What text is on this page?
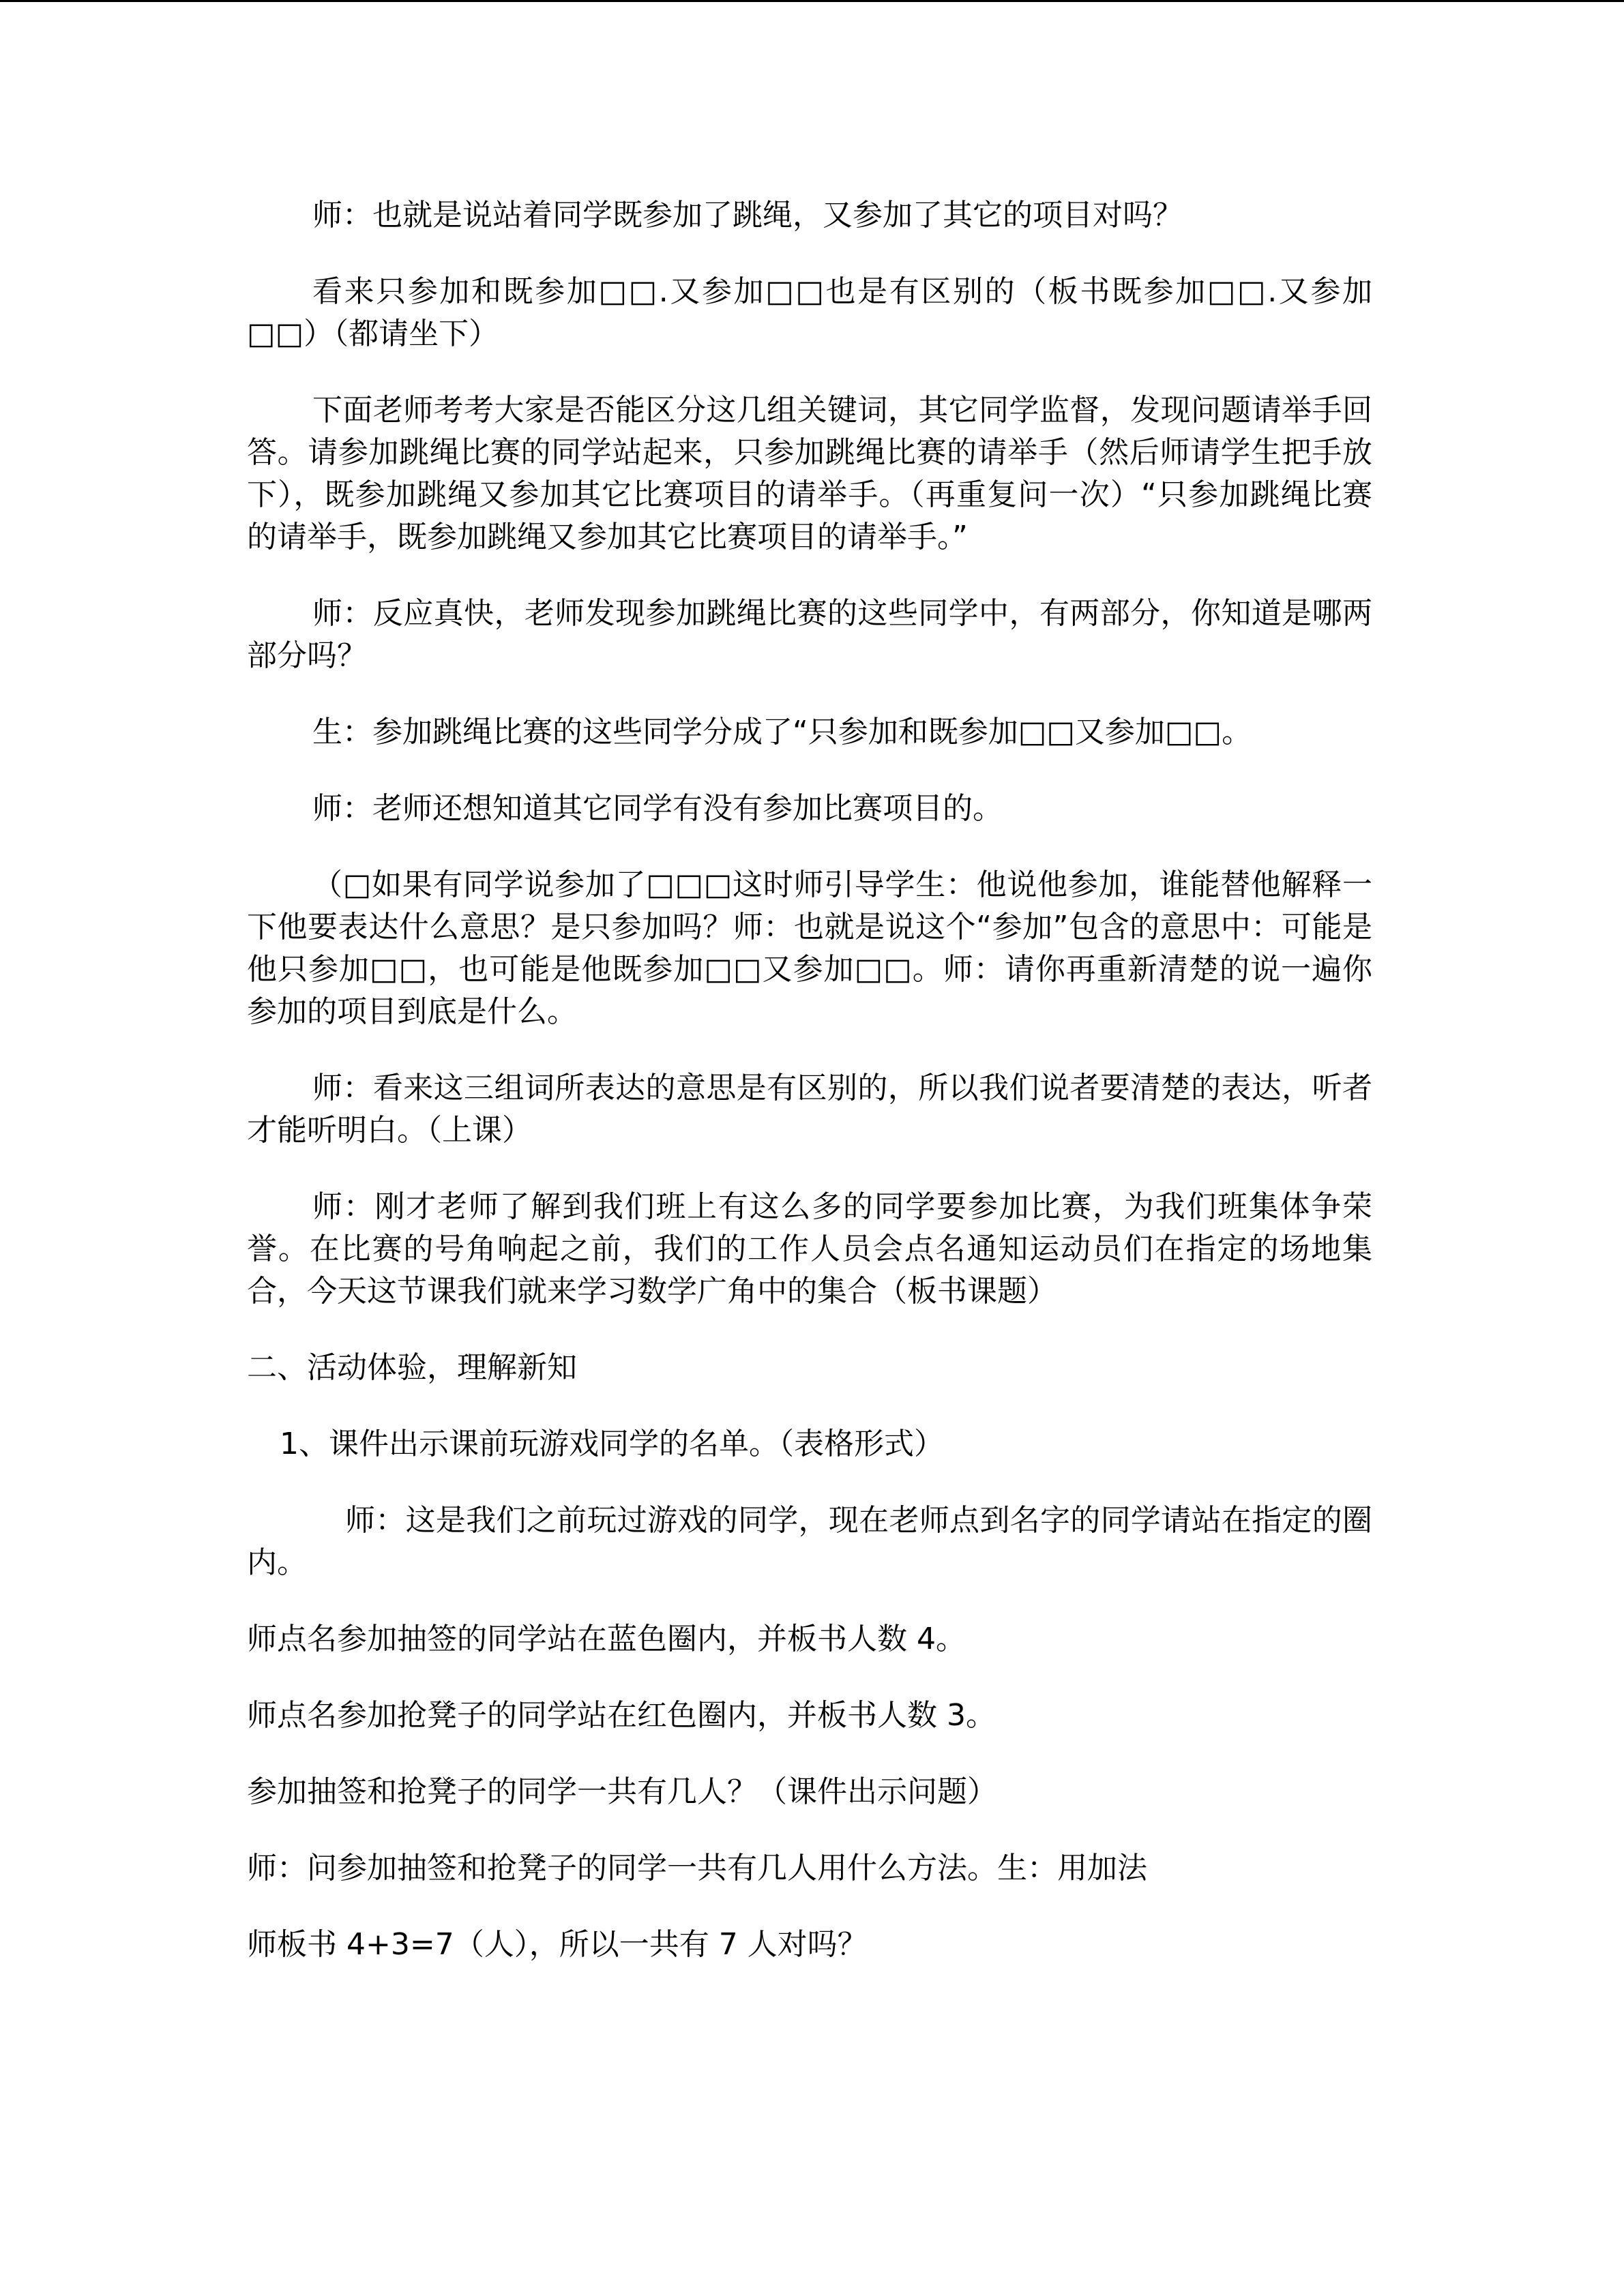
师：也就是说站着同学既参加了跳绳，又参加了其它的项目对吗？

看来只参加和既参加□□.又参加□□也是有区别的（板书既参加□□.又参加□□）（都请坐下）

下面老师考考大家是否能区分这几组关键词，其它同学监督，发现问题请举手回答。请参加跳绳比赛的同学站起来，只参加跳绳比赛的请举手（然后师请学生把手放下），既参加跳绳又参加其它比赛项目的请举手。（再重复问一次）“只参加跳绳比赛的请举手，既参加跳绳又参加其它比赛项目的请举手。”

师：反应真快，老师发现参加跳绳比赛的这些同学中，有两部分，你知道是哪两部分吗？

生：参加跳绳比赛的这些同学分成了“只参加和既参加□□又参加□□。

师：老师还想知道其它同学有没有参加比赛项目的。

（□如果有同学说参加了□□□这时师引导学生：他说他参加，谁能替他解释一下他要表达什么意思？是只参加吗？师：也就是说这个“参加”包含的意思中：可能是他只参加□□，也可能是他既参加□□又参加□□。师：请你再重新清楚的说一遍你参加的项目到底是什么。

师：看来这三组词所表达的意思是有区别的，所以我们说者要清楚的表达，听者才能听明白。（上课）

师：刚才老师了解到我们班上有这么多的同学要参加比赛，为我们班集体争荣誉。在比赛的号角响起之前，我们的工作人员会点名通知运动员们在指定的场地集合，今天这节课我们就来学习数学广角中的集合（板书课题）

二、活动体验，理解新知

1、课件出示课前玩游戏同学的名单。（表格形式）

师：这是我们之前玩过游戏的同学，现在老师点到名字的同学请站在指定的圈内。

师点名参加抽签的同学站在蓝色圈内，并板书人数 4。

师点名参加抢凳子的同学站在红色圈内，并板书人数 3。

参加抽签和抢凳子的同学一共有几人？（课件出示问题）

师：问参加抽签和抢凳子的同学一共有几人用什么方法。生：用加法

师板书 4+3=7（人），所以一共有 7 人对吗？
